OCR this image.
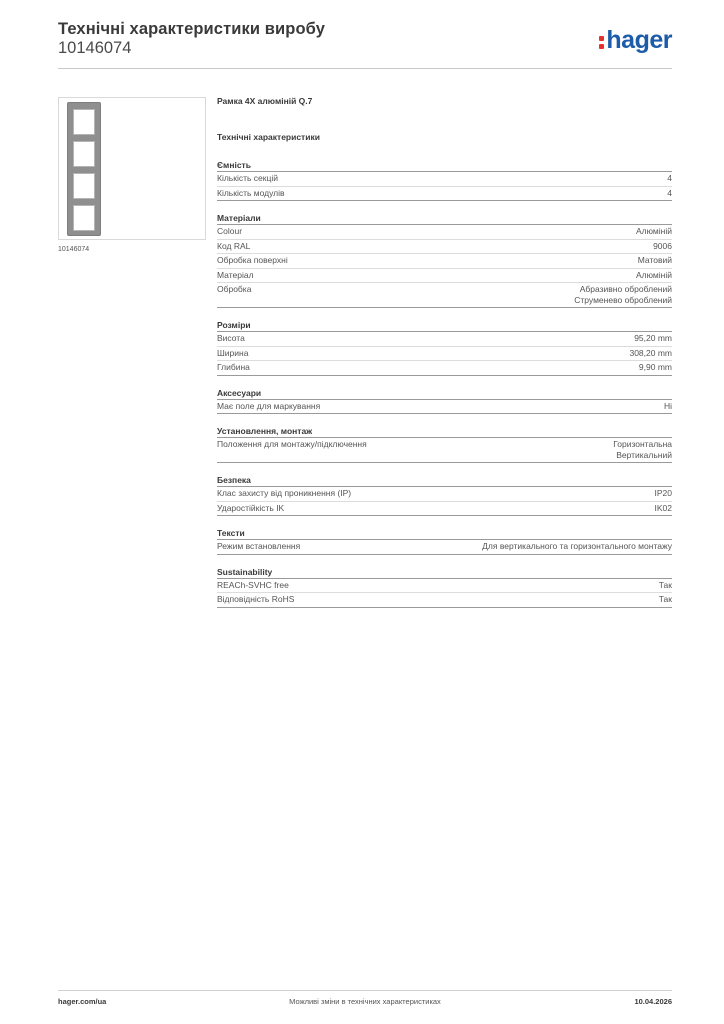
Технічні характеристики виробу
10146074	hager
10146074
Рамка 4X алюміній Q.7
Технічні характеристики
Ємність
Кількість секцій	4
Кількість модулів	4
Матеріали
Colour	Алюміній
Код RAL	9006
Обробка поверхні	Матовий
Матеріал	Алюміній
Обробка	Абразивно оброблений
Струменево оброблений
Розміри
Висота	95,20 mm
Ширина	308,20 mm
Глибина	9,90 mm
Аксесуари
Має поле для маркування	Ні
Установлення, монтаж
Положення для монтажу/підключення	Горизонтальна
Вертикальний
Безпека
Клас захисту від проникнення (IP)	IP20
Ударостійкість IK	IK02
Тексти
Режим встановлення	Для вертикального та горизонтального монтажу
Sustainability
REACh-SVHC free	Так
Відповідність RoHS	Так
hager.com/ua	Можливі зміни в технічних характеристиках	10.04.2026
